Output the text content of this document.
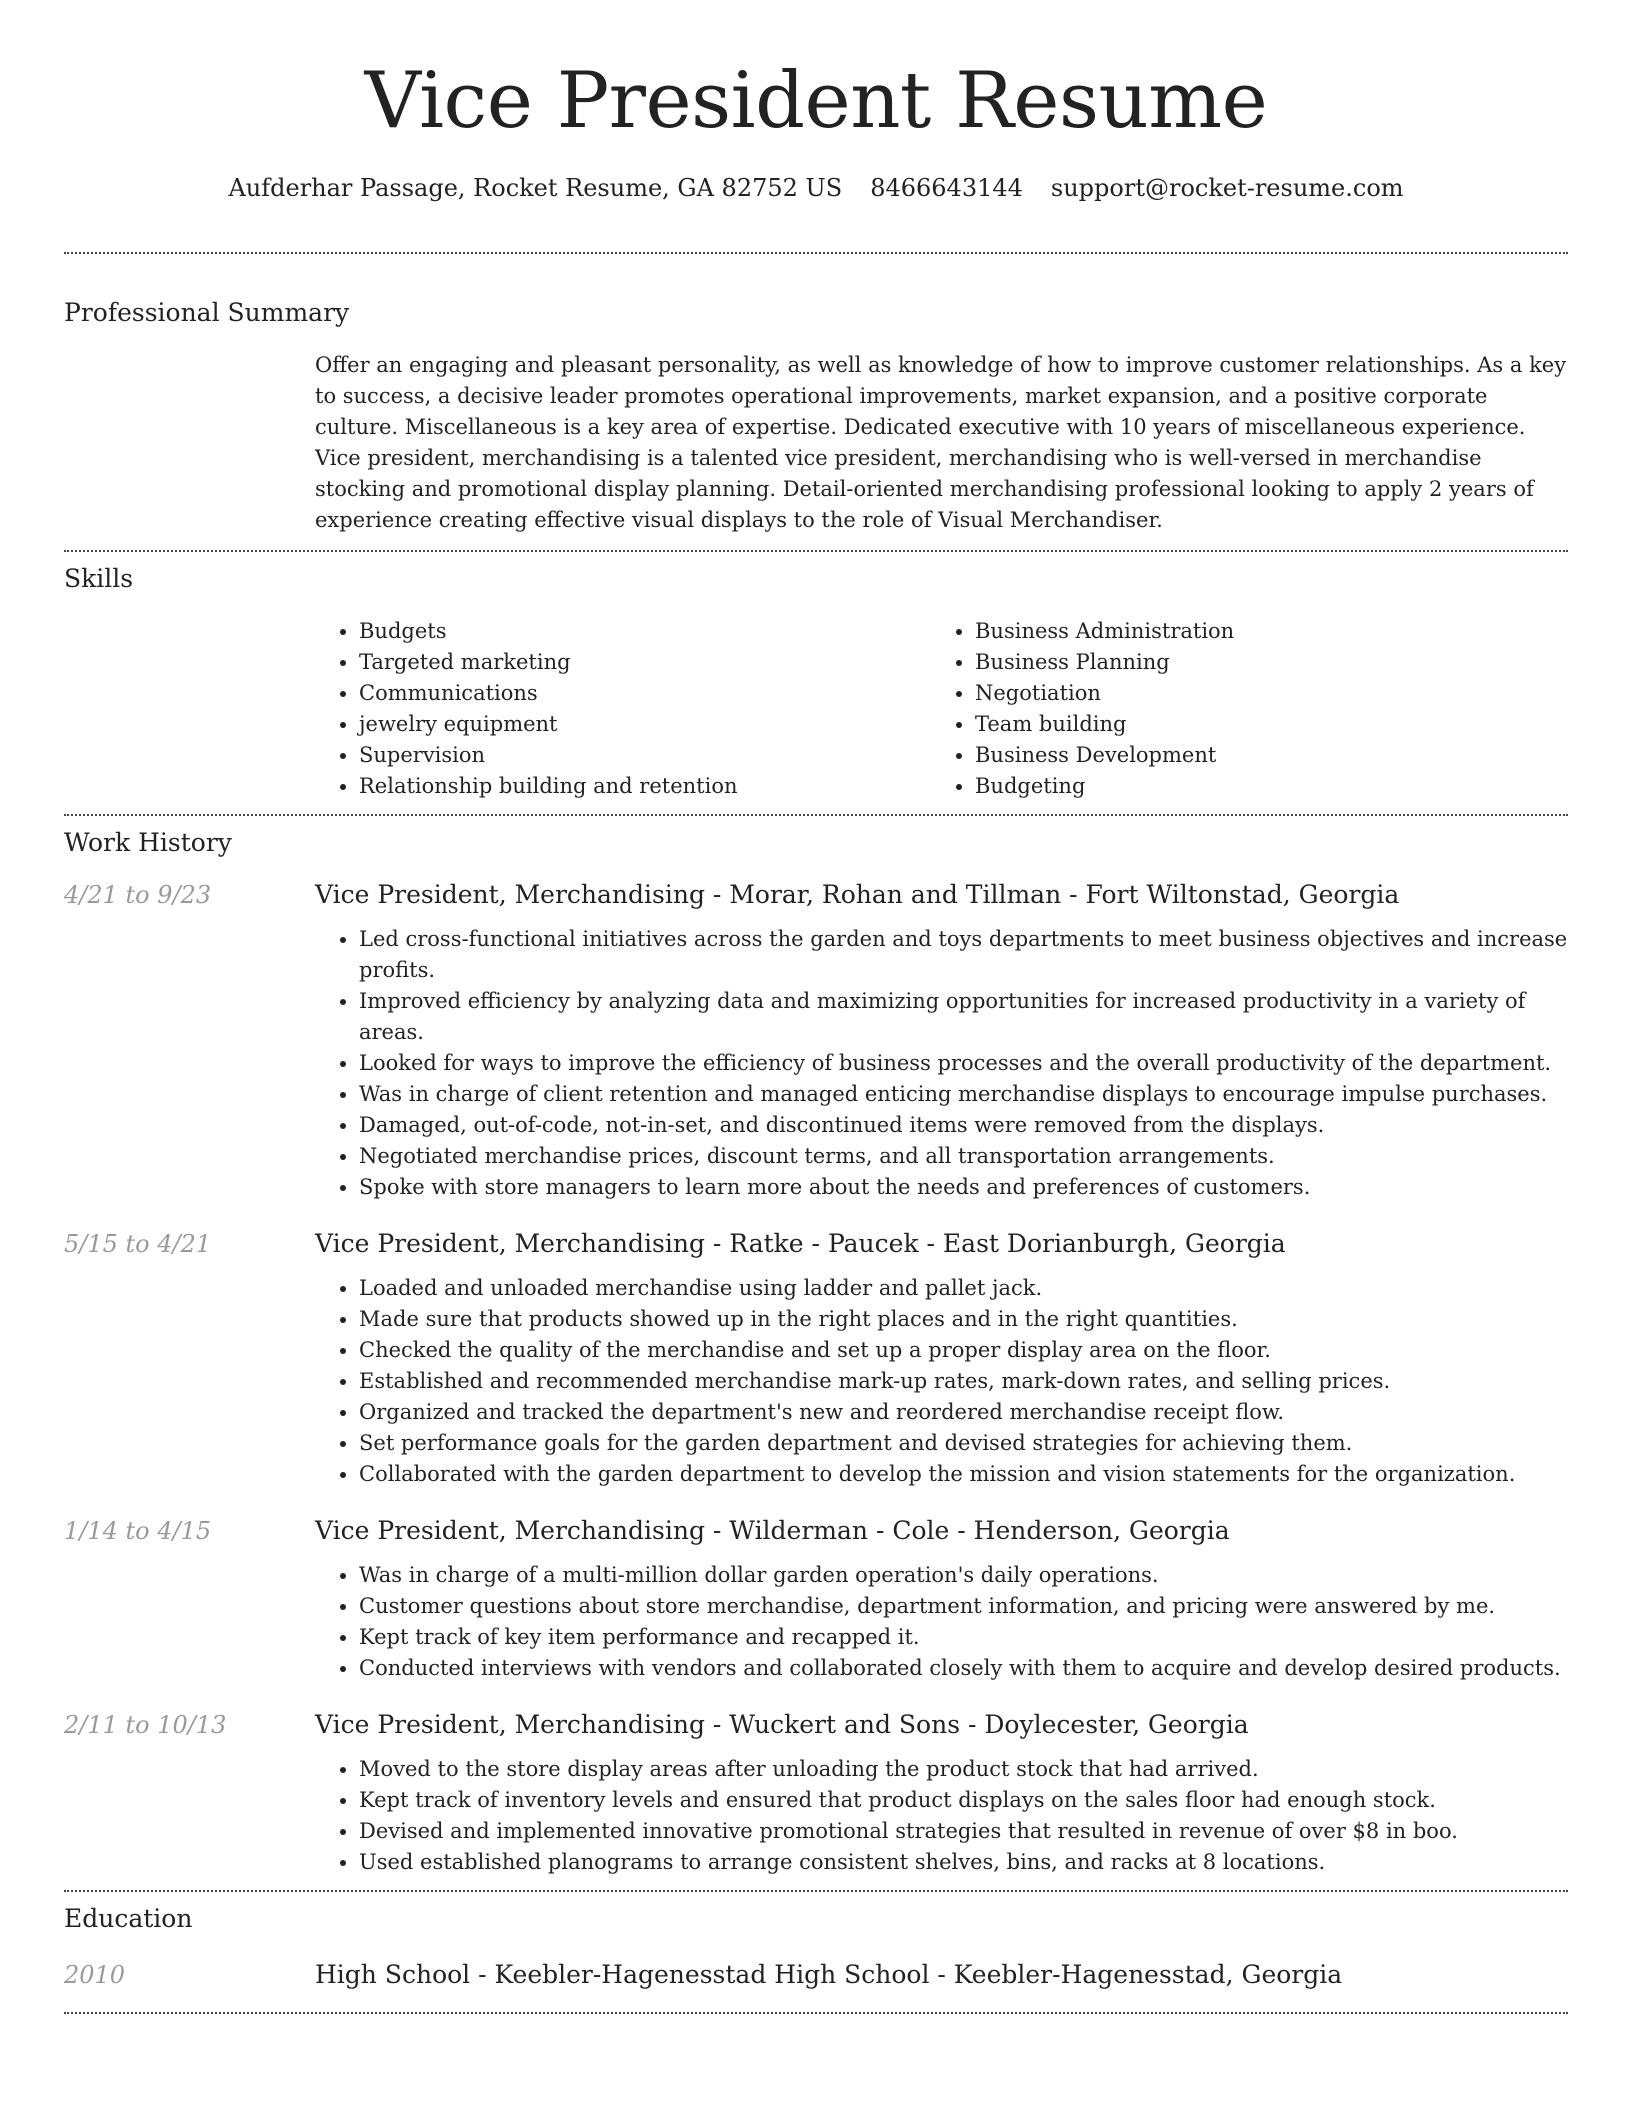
Vice President Resume
Aufderhar Passage, Rocket Resume, GA 82752 US 8466643144 support@rocket-resume.com
Professional Summary

Offer an engaging and pleasant personality, as well as knowledge of how to improve customer relationships. As a key to success, a decisive leader promotes operational improvements, market expansion, and a positive corporate culture. Miscellaneous is a key area of expertise. Dedicated executive with 10 years of miscellaneous experience. Vice president, merchandising is a talented vice president, merchandising who is well-versed in merchandise stocking and promotional display planning. Detail-oriented merchandising professional looking to apply 2 years of experience creating effective visual displays to the role of Visual Merchandiser.

Skills
• Budgets
• Targeted marketing
• Communications
• jewelry equipment
• Supervision
• Relationship building and retention
• Business Administration
• Business Planning
• Negotiation
• Team building
• Business Development
• Budgeting
Work History
4/21 to 9/23	Vice President, Merchandising - Morar, Rohan and Tillman - Fort Wiltonstad, Georgia
• Led cross-functional initiatives across the garden and toys departments to meet business objectives and increase profits.
• Improved efficiency by analyzing data and maximizing opportunities for increased productivity in a variety of areas.
• Looked for ways to improve the efficiency of business processes and the overall productivity of the department.
• Was in charge of client retention and managed enticing merchandise displays to encourage impulse purchases.
• Damaged, out-of-code, not-in-set, and discontinued items were removed from the displays.
• Negotiated merchandise prices, discount terms, and all transportation arrangements.
• Spoke with store managers to learn more about the needs and preferences of customers.
5/15 to 4/21	Vice President, Merchandising - Ratke - Paucek - East Dorianburgh, Georgia
• Loaded and unloaded merchandise using ladder and pallet jack.
• Made sure that products showed up in the right places and in the right quantities.
• Checked the quality of the merchandise and set up a proper display area on the floor.
• Established and recommended merchandise mark-up rates, mark-down rates, and selling prices.
• Organized and tracked the department's new and reordered merchandise receipt flow.
• Set performance goals for the garden department and devised strategies for achieving them.
• Collaborated with the garden department to develop the mission and vision statements for the organization.
1/14 to 4/15	Vice President, Merchandising - Wilderman - Cole - Henderson, Georgia
• Was in charge of a multi-million dollar garden operation's daily operations.
• Customer questions about store merchandise, department information, and pricing were answered by me.
• Kept track of key item performance and recapped it.
• Conducted interviews with vendors and collaborated closely with them to acquire and develop desired products.
2/11 to 10/13	Vice President, Merchandising - Wuckert and Sons - Doylecester, Georgia
• Moved to the store display areas after unloading the product stock that had arrived.
• Kept track of inventory levels and ensured that product displays on the sales floor had enough stock.
• Devised and implemented innovative promotional strategies that resulted in revenue of over $8 in boo.
• Used established planograms to arrange consistent shelves, bins, and racks at 8 locations.
Education
2010	High School - Keebler-Hagenesstad High School - Keebler-Hagenesstad, Georgia
